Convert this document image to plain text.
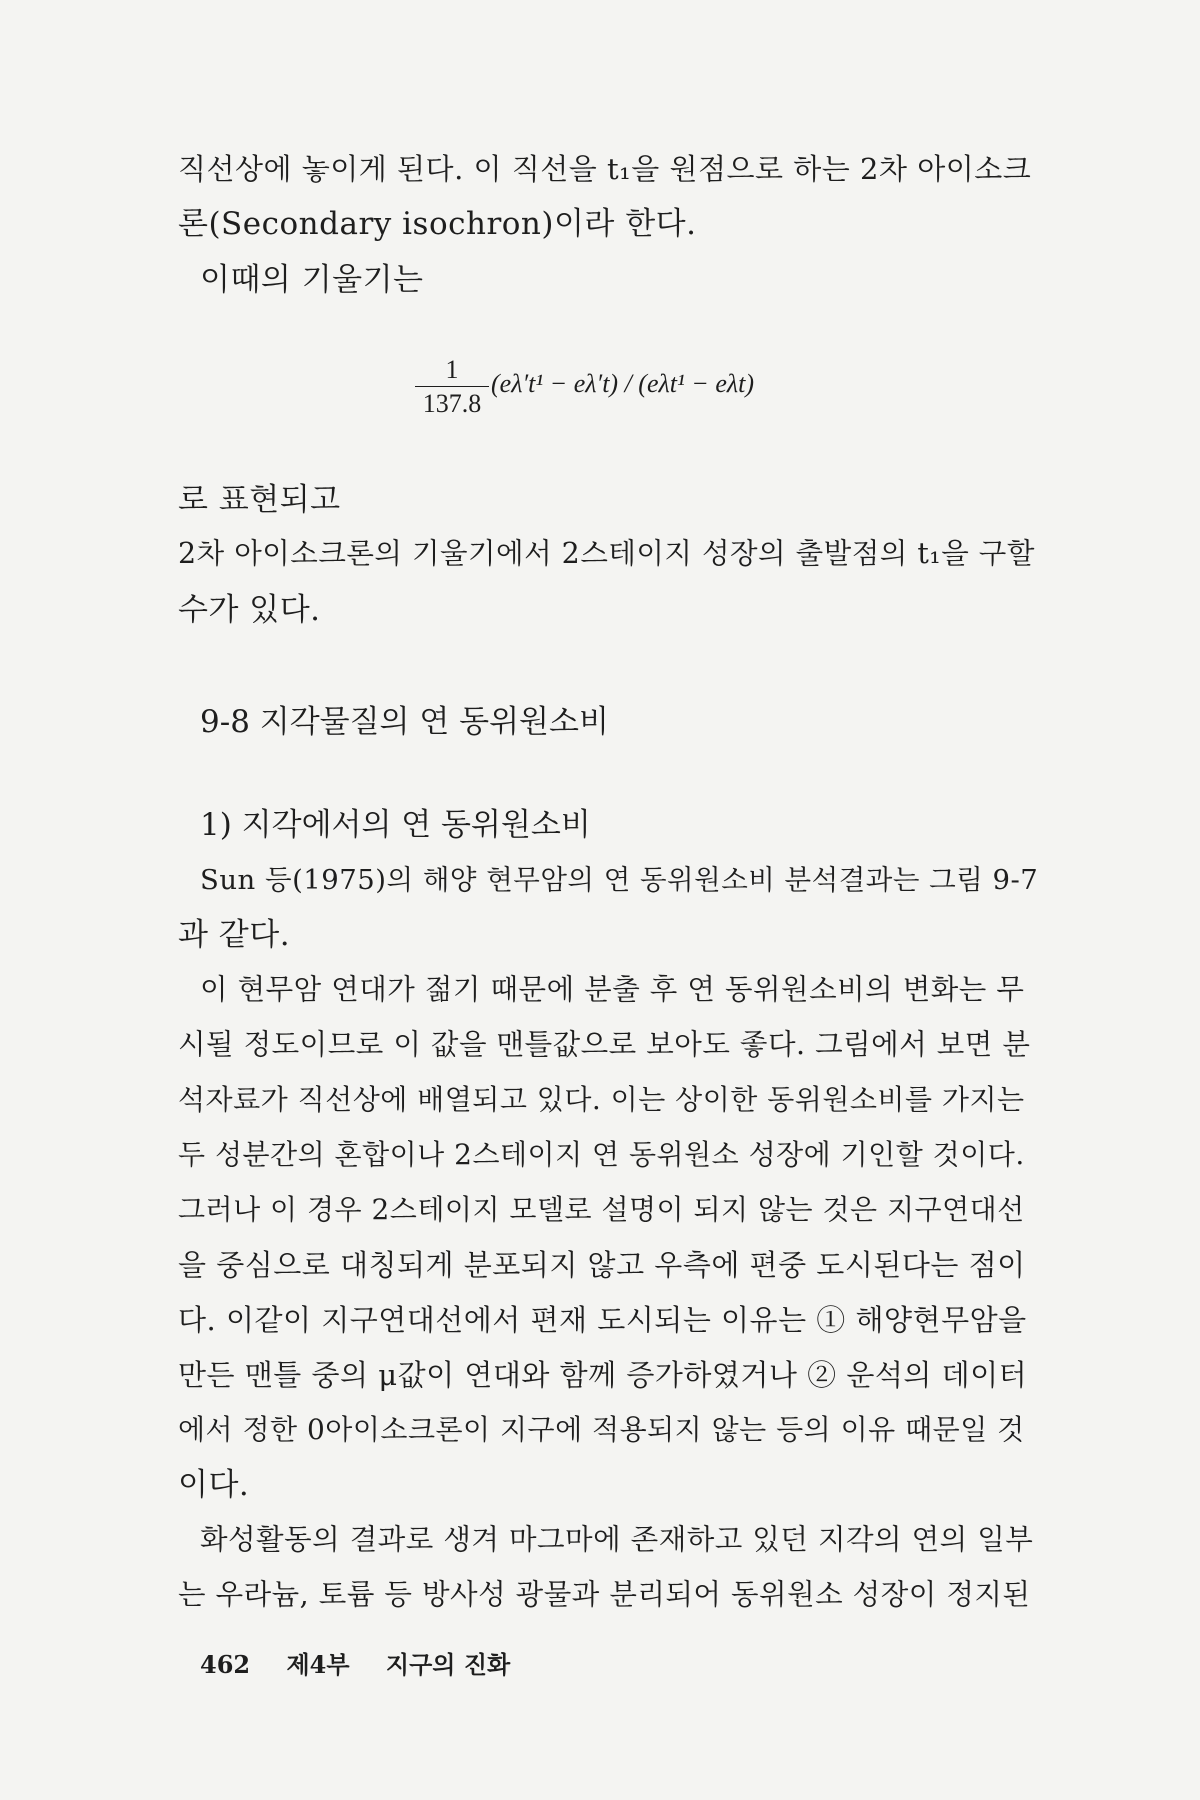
직선상에 놓이게 된다. 이 직선을 t₁을 원점으로 하는 2차 아이소크
론(Secondary isochron)이라 한다.
이때의 기울기는
1
137.8
(eλ′t¹ − eλ′t) / (eλt¹ − eλt)
로 표현되고
2차 아이소크론의 기울기에서 2스테이지 성장의 출발점의 t₁을 구할
수가 있다.
9-8 지각물질의 연 동위원소비
1) 지각에서의 연 동위원소비
Sun 등(1975)의 해양 현무암의 연 동위원소비 분석결과는 그림 9-7
과 같다.
이 현무암 연대가 젊기 때문에 분출 후 연 동위원소비의 변화는 무
시될 정도이므로 이 값을 맨틀값으로 보아도 좋다. 그림에서 보면 분
석자료가 직선상에 배열되고 있다. 이는 상이한 동위원소비를 가지는
두 성분간의 혼합이나 2스테이지 연 동위원소 성장에 기인할 것이다.
그러나 이 경우 2스테이지 모델로 설명이 되지 않는 것은 지구연대선
을 중심으로 대칭되게 분포되지 않고 우측에 편중 도시된다는 점이
다. 이같이 지구연대선에서 편재 도시되는 이유는 ① 해양현무암을
만든 맨틀 중의 μ값이 연대와 함께 증가하였거나 ② 운석의 데이터
에서 정한 0아이소크론이 지구에 적용되지 않는 등의 이유 때문일 것
이다.
화성활동의 결과로 생겨 마그마에 존재하고 있던 지각의 연의 일부
는 우라늄, 토륨 등 방사성 광물과 분리되어 동위원소 성장이 정지된
462 제4부 지구의 진화
